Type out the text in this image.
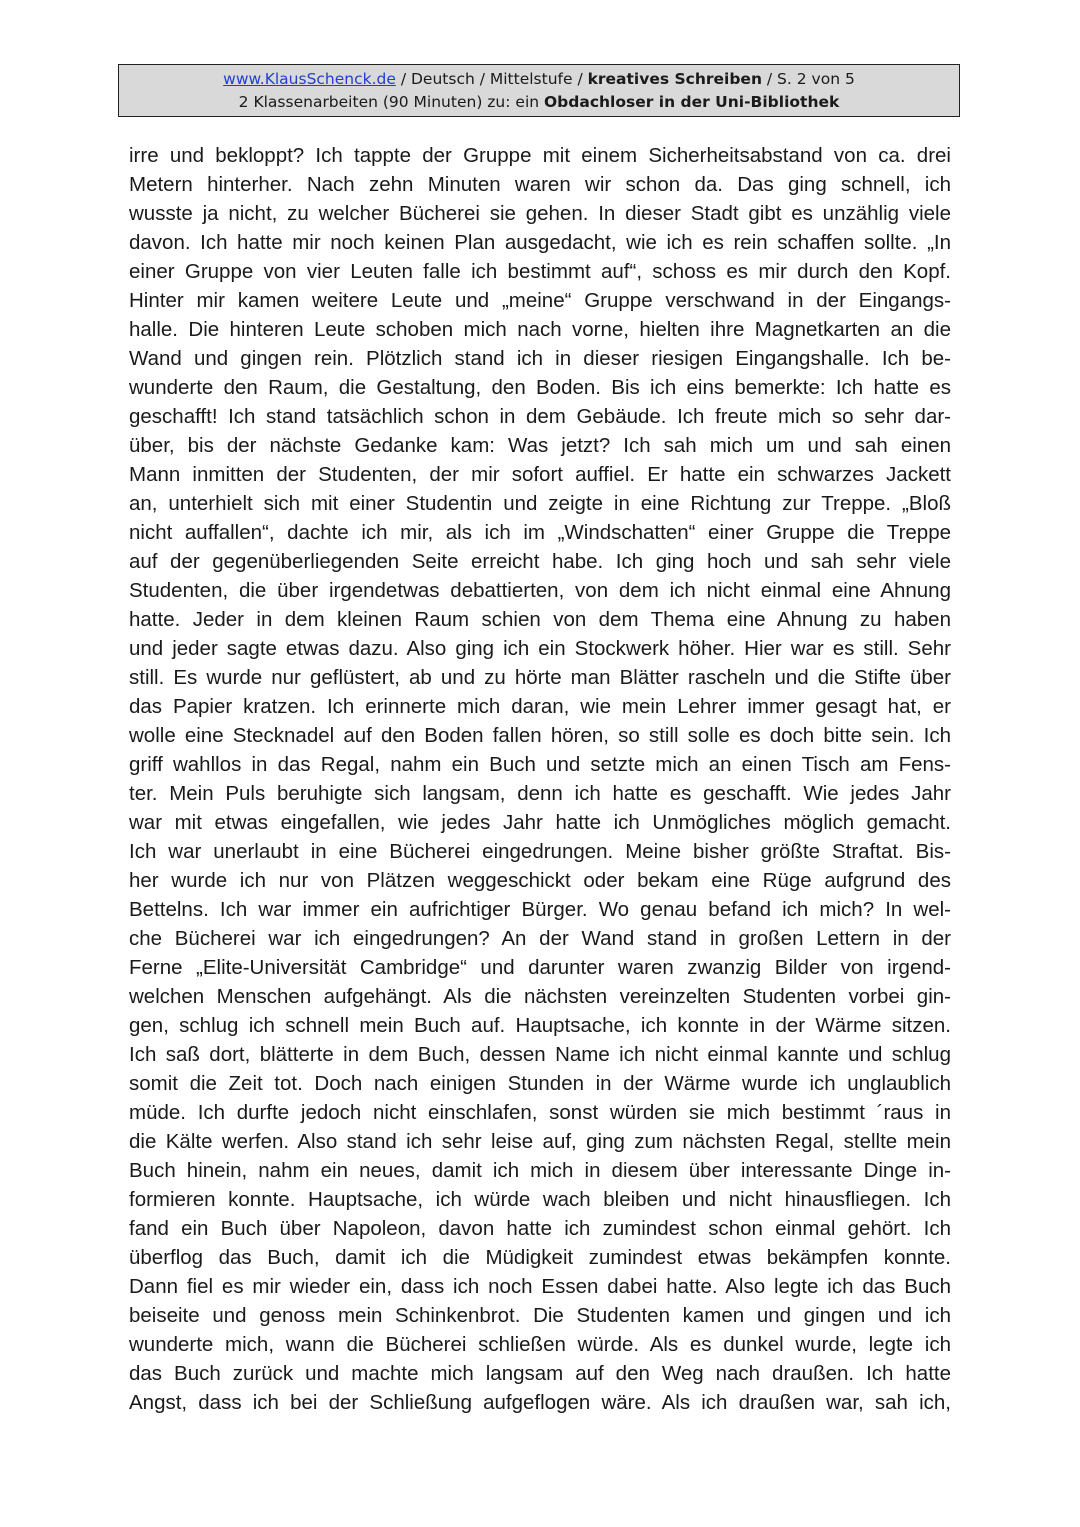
www.KlausSchenck.de / Deutsch / Mittelstufe / kreatives Schreiben / S. 2 von 5
2 Klassenarbeiten (90 Minuten) zu: ein Obdachloser in der Uni-Bibliothek
irre und bekloppt? Ich tappte der Gruppe mit einem Sicherheitsabstand von ca. drei
Metern hinterher. Nach zehn Minuten waren wir schon da. Das ging schnell, ich
wusste ja nicht, zu welcher Bücherei sie gehen. In dieser Stadt gibt es unzählig viele
davon. Ich hatte mir noch keinen Plan ausgedacht, wie ich es rein schaffen sollte. „In
einer Gruppe von vier Leuten falle ich bestimmt auf“, schoss es mir durch den Kopf.
Hinter mir kamen weitere Leute und „meine“ Gruppe verschwand in der Eingangs-
halle. Die hinteren Leute schoben mich nach vorne, hielten ihre Magnetkarten an die
Wand und gingen rein. Plötzlich stand ich in dieser riesigen Eingangshalle. Ich be-
wunderte den Raum, die Gestaltung, den Boden. Bis ich eins bemerkte: Ich hatte es
geschafft! Ich stand tatsächlich schon in dem Gebäude. Ich freute mich so sehr dar-
über, bis der nächste Gedanke kam: Was jetzt? Ich sah mich um und sah einen
Mann inmitten der Studenten, der mir sofort auffiel. Er hatte ein schwarzes Jackett
an, unterhielt sich mit einer Studentin und zeigte in eine Richtung zur Treppe. „Bloß
nicht auffallen“, dachte ich mir, als ich im „Windschatten“ einer Gruppe die Treppe
auf der gegenüberliegenden Seite erreicht habe. Ich ging hoch und sah sehr viele
Studenten, die über irgendetwas debattierten, von dem ich nicht einmal eine Ahnung
hatte. Jeder in dem kleinen Raum schien von dem Thema eine Ahnung zu haben
und jeder sagte etwas dazu. Also ging ich ein Stockwerk höher. Hier war es still. Sehr
still. Es wurde nur geflüstert, ab und zu hörte man Blätter rascheln und die Stifte über
das Papier kratzen. Ich erinnerte mich daran, wie mein Lehrer immer gesagt hat, er
wolle eine Stecknadel auf den Boden fallen hören, so still solle es doch bitte sein. Ich
griff wahllos in das Regal, nahm ein Buch und setzte mich an einen Tisch am Fens-
ter. Mein Puls beruhigte sich langsam, denn ich hatte es geschafft. Wie jedes Jahr
war mit etwas eingefallen, wie jedes Jahr hatte ich Unmögliches möglich gemacht.
Ich war unerlaubt in eine Bücherei eingedrungen. Meine bisher größte Straftat. Bis-
her wurde ich nur von Plätzen weggeschickt oder bekam eine Rüge aufgrund des
Bettelns. Ich war immer ein aufrichtiger Bürger. Wo genau befand ich mich? In wel-
che Bücherei war ich eingedrungen? An der Wand stand in großen Lettern in der
Ferne „Elite-Universität Cambridge“ und darunter waren zwanzig Bilder von irgend-
welchen Menschen aufgehängt. Als die nächsten vereinzelten Studenten vorbei gin-
gen, schlug ich schnell mein Buch auf. Hauptsache, ich konnte in der Wärme sitzen.
Ich saß dort, blätterte in dem Buch, dessen Name ich nicht einmal kannte und schlug
somit die Zeit tot. Doch nach einigen Stunden in der Wärme wurde ich unglaublich
müde. Ich durfte jedoch nicht einschlafen, sonst würden sie mich bestimmt ´raus in
die Kälte werfen. Also stand ich sehr leise auf, ging zum nächsten Regal, stellte mein
Buch hinein, nahm ein neues, damit ich mich in diesem über interessante Dinge in-
formieren konnte. Hauptsache, ich würde wach bleiben und nicht hinausfliegen. Ich
fand ein Buch über Napoleon, davon hatte ich zumindest schon einmal gehört. Ich
überflog das Buch, damit ich die Müdigkeit zumindest etwas bekämpfen konnte.
Dann fiel es mir wieder ein, dass ich noch Essen dabei hatte. Also legte ich das Buch
beiseite und genoss mein Schinkenbrot. Die Studenten kamen und gingen und ich
wunderte mich, wann die Bücherei schließen würde. Als es dunkel wurde, legte ich
das Buch zurück und machte mich langsam auf den Weg nach draußen. Ich hatte
Angst, dass ich bei der Schließung aufgeflogen wäre. Als ich draußen war, sah ich,
